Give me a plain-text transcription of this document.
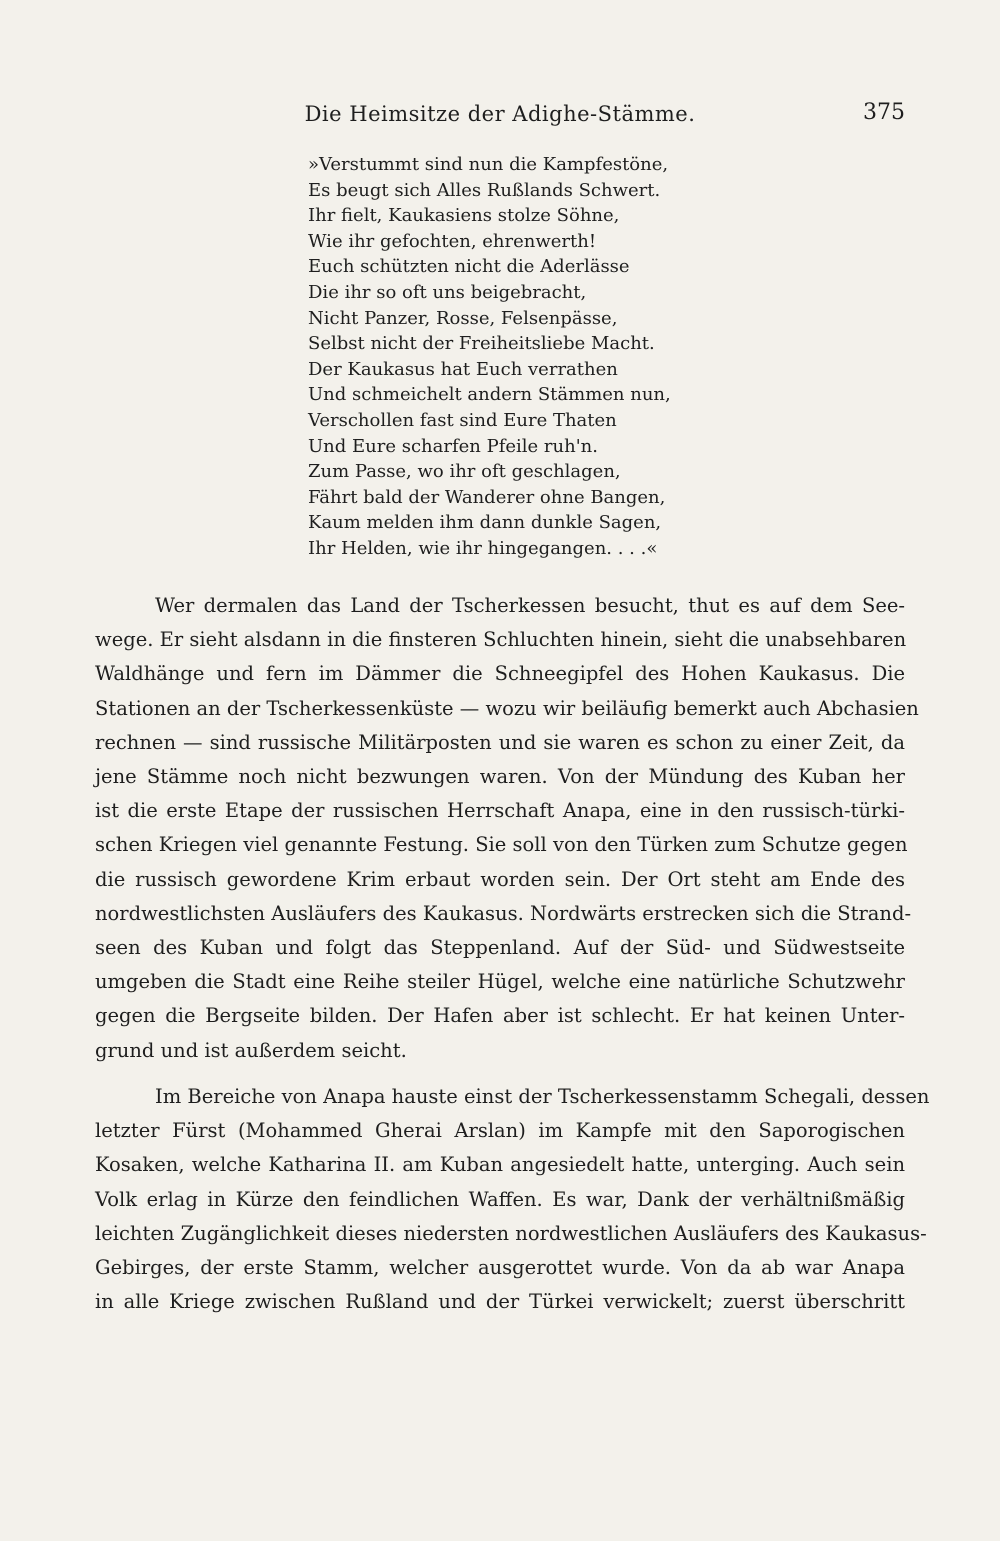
Die Heimsitze der Adighe-Stämme.	375
»Verstummt sind nun die Kampfestöne,
Es beugt sich Alles Rußlands Schwert.
Ihr fielt, Kaukasiens stolze Söhne,
Wie ihr gefochten, ehrenwerth!
Euch schützten nicht die Aderlässe
Die ihr so oft uns beigebracht,
Nicht Panzer, Rosse, Felsenpässe,
Selbst nicht der Freiheitsliebe Macht.
Der Kaukasus hat Euch verrathen
Und schmeichelt andern Stämmen nun,
Verschollen fast sind Eure Thaten
Und Eure scharfen Pfeile ruh'n.
Zum Passe, wo ihr oft geschlagen,
Fährt bald der Wanderer ohne Bangen,
Kaum melden ihm dann dunkle Sagen,
Ihr Helden, wie ihr hingegangen. . . .«
Wer dermalen das Land der Tscherkessen besucht, thut es auf dem See-
wege. Er sieht alsdann in die finsteren Schluchten hinein, sieht die unabsehbaren
Waldhänge und fern im Dämmer die Schneegipfel des Hohen Kaukasus. Die
Stationen an der Tscherkessenküste — wozu wir beiläufig bemerkt auch Abchasien
rechnen — sind russische Militärposten und sie waren es schon zu einer Zeit, da
jene Stämme noch nicht bezwungen waren. Von der Mündung des Kuban her
ist die erste Etape der russischen Herrschaft Anapa, eine in den russisch-türki-
schen Kriegen viel genannte Festung. Sie soll von den Türken zum Schutze gegen
die russisch gewordene Krim erbaut worden sein. Der Ort steht am Ende des
nordwestlichsten Ausläufers des Kaukasus. Nordwärts erstrecken sich die Strand-
seen des Kuban und folgt das Steppenland. Auf der Süd- und Südwestseite
umgeben die Stadt eine Reihe steiler Hügel, welche eine natürliche Schutzwehr
gegen die Bergseite bilden. Der Hafen aber ist schlecht. Er hat keinen Unter-
grund und ist außerdem seicht.
Im Bereiche von Anapa hauste einst der Tscherkessenstamm Schegali, dessen
letzter Fürst (Mohammed Gherai Arslan) im Kampfe mit den Saporogischen
Kosaken, welche Katharina II. am Kuban angesiedelt hatte, unterging. Auch sein
Volk erlag in Kürze den feindlichen Waffen. Es war, Dank der verhältnißmäßig
leichten Zugänglichkeit dieses niedersten nordwestlichen Ausläufers des Kaukasus-
Gebirges, der erste Stamm, welcher ausgerottet wurde. Von da ab war Anapa
in alle Kriege zwischen Rußland und der Türkei verwickelt; zuerst überschritt
